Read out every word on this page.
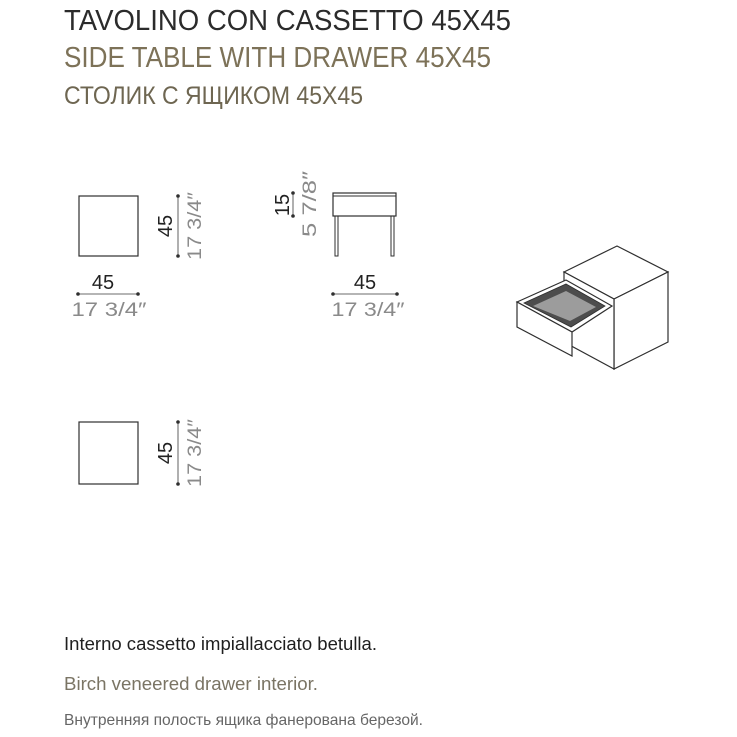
TAVOLINO CON CASSETTO 45X45
SIDE TABLE WITH DRAWER 45X45
СТОЛИК С ЯЩИКОМ 45X45
45 17 3/4″
45
17 3/4″
15 5 7/8″
45
17 3/4″
45 17 3/4″
Interno cassetto impiallacciato betulla.
Birch veneered drawer interior.
Внутренняя полость ящика фанерована березой.
